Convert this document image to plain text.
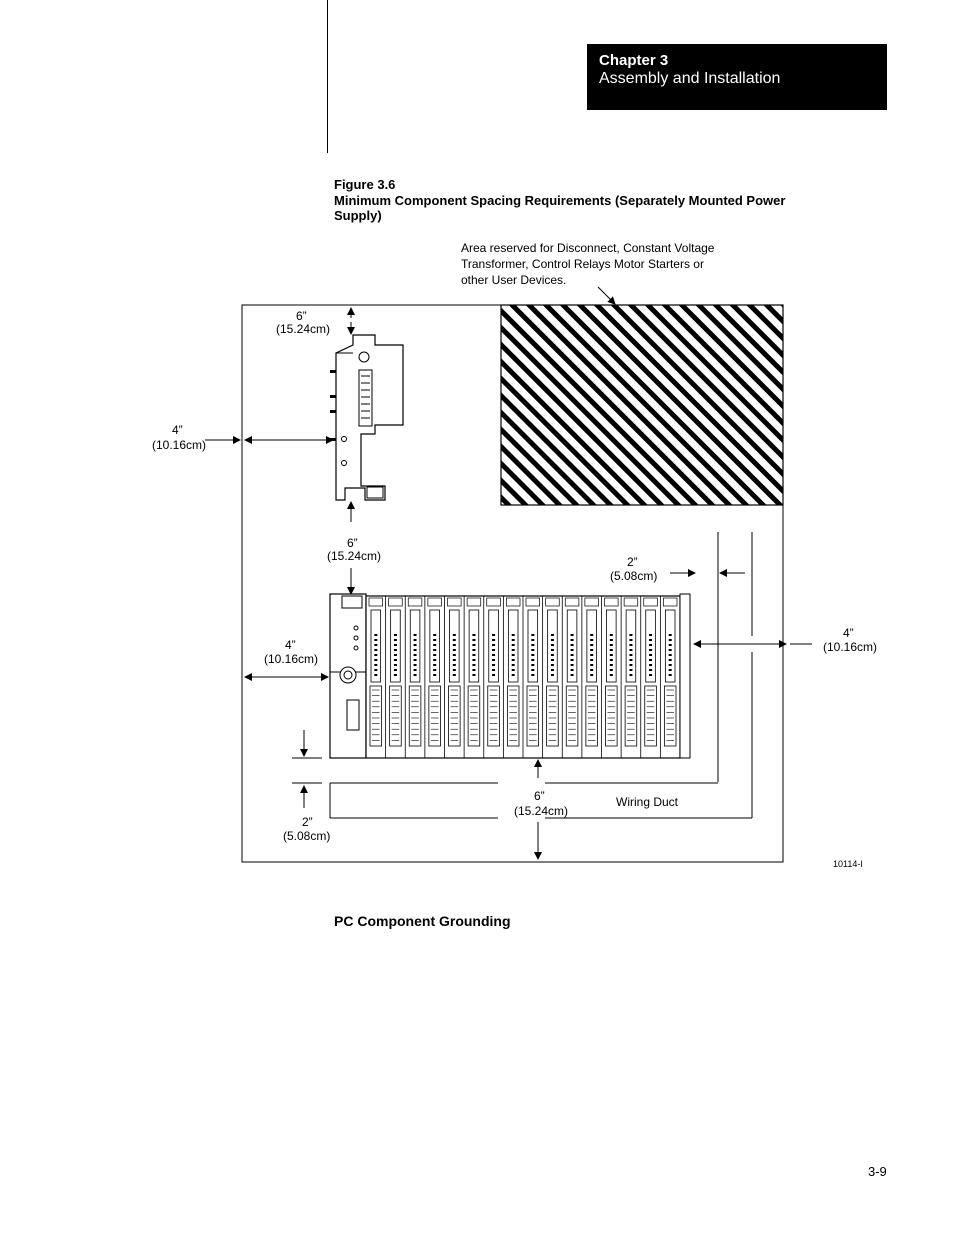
Chapter 3
Assembly and Installation
Figure 3.6
Minimum Component Spacing Requirements (Separately Mounted Power Supply)
Area reserved for Disconnect, Constant Voltage
Transformer, Control Relays Motor Starters or
other User Devices.
6”
(15.24cm)
4”
(10.16cm)
6”
(15.24cm)	2”
(5.08cm)
4”
(10.16cm)
4”
(10.16cm)
Wiring Duct
2”
(5.08cm)
6”
(15.24cm)
10114-I
PC Component Grounding
3-9
